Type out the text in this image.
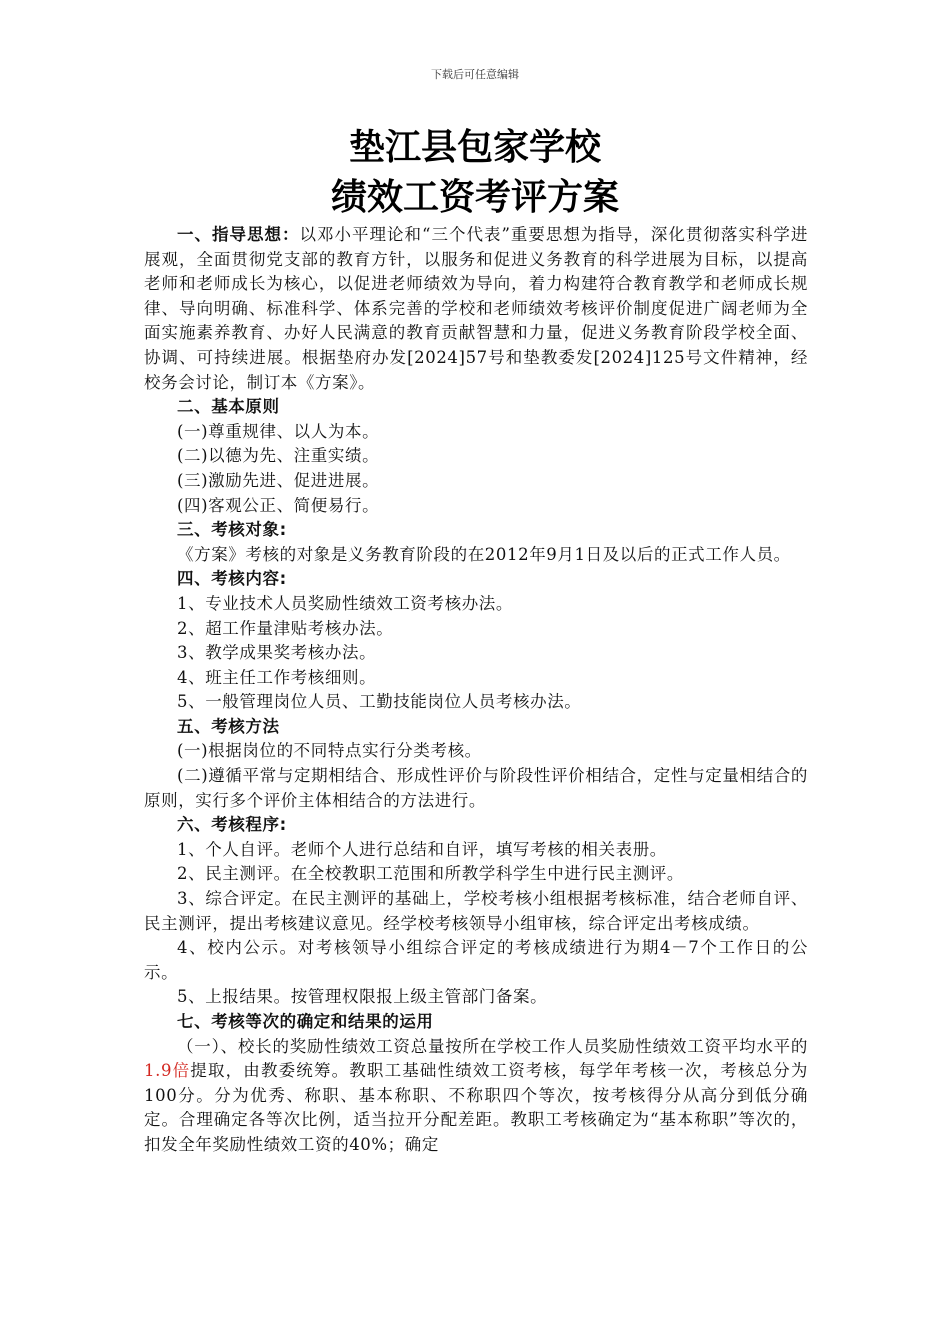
下载后可任意编辑
垫江县包家学校
绩效工资考评方案

一、指导思想：以邓小平理论和“三个代表”重要思想为指导，深化贯彻落实科学进展观，全面贯彻党支部的教育方针，以服务和促进义务教育的科学进展为目标，以提高老师和老师成长为核心，以促进老师绩效为导向，着力构建符合教育教学和老师成长规律、导向明确、标准科学、体系完善的学校和老师绩效考核评价制度促进广阔老师为全面实施素养教育、办好人民满意的教育贡献智慧和力量，促进义务教育阶段学校全面、协调、可持续进展。根据垫府办发[2024]57号和垫教委发[2024]125号文件精神，经校务会讨论，制订本《方案》。

二、基本原则

(一)尊重规律、以人为本。

(二)以德为先、注重实绩。

(三)激励先进、促进进展。

(四)客观公正、简便易行。

三、考核对象:

《方案》考核的对象是义务教育阶段的在2012年9月1日及以后的正式工作人员。

四、考核内容:

1、专业技术人员奖励性绩效工资考核办法。

2、超工作量津贴考核办法。

3、教学成果奖考核办法。

4、班主任工作考核细则。

5、一般管理岗位人员、工勤技能岗位人员考核办法。

五、考核方法

(一)根据岗位的不同特点实行分类考核。

(二)遵循平常与定期相结合、形成性评价与阶段性评价相结合，定性与定量相结合的原则，实行多个评价主体相结合的方法进行。

六、考核程序:

1、个人自评。老师个人进行总结和自评，填写考核的相关表册。

2、民主测评。在全校教职工范围和所教学科学生中进行民主测评。

3、综合评定。在民主测评的基础上，学校考核小组根据考核标准，结合老师自评、民主测评，提出考核建议意见。经学校考核领导小组审核，综合评定出考核成绩。

4、校内公示。对考核领导小组综合评定的考核成绩进行为期4－7个工作日的公示。

5、上报结果。按管理权限报上级主管部门备案。

七、考核等次的确定和结果的运用

（一）、校长的奖励性绩效工资总量按所在学校工作人员奖励性绩效工资平均水平的1.9倍提取，由教委统筹。教职工基础性绩效工资考核，每学年考核一次，考核总分为100分。分为优秀、称职、基本称职、不称职四个等次，按考核得分从高分到低分确定。合理确定各等次比例，适当拉开分配差距。教职工考核确定为“基本称职”等次的，扣发全年奖励性绩效工资的40%；确定
